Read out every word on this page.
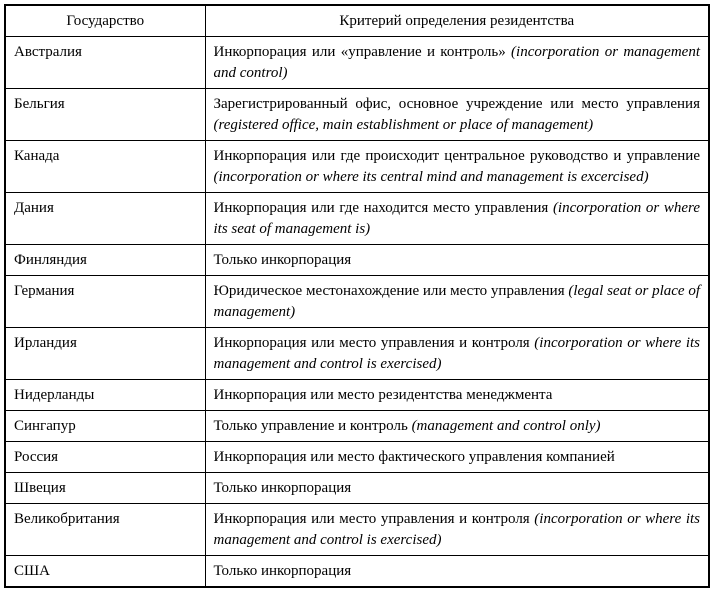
Государство	Критерий определения резидентства
Австралия	Инкорпорация или «управление и контроль» (incorporation or management and control)
Бельгия	Зарегистрированный офис, основное учреждение или место управления (registered office, main establishment or place of management)
Канада	Инкорпорация или где происходит центральное руководство и управление (incorporation or where its central mind and management is excercised)
Дания	Инкорпорация или где находится место управления (incorporation or where its seat of management is)
Финляндия	Только инкорпорация
Германия	Юридическое местонахождение или место управления (legal seat or place of management)
Ирландия	Инкорпорация или место управления и контроля (incorporation or where its management and control is exercised)
Нидерланды	Инкорпорация или место резидентства менеджмента
Сингапур	Только управление и контроль (management and control only)
Россия	Инкорпорация или место фактического управления компанией
Швеция	Только инкорпорация
Великобритания	Инкорпорация или место управления и контроля (incorporation or where its management and control is exercised)
США	Только инкорпорация
